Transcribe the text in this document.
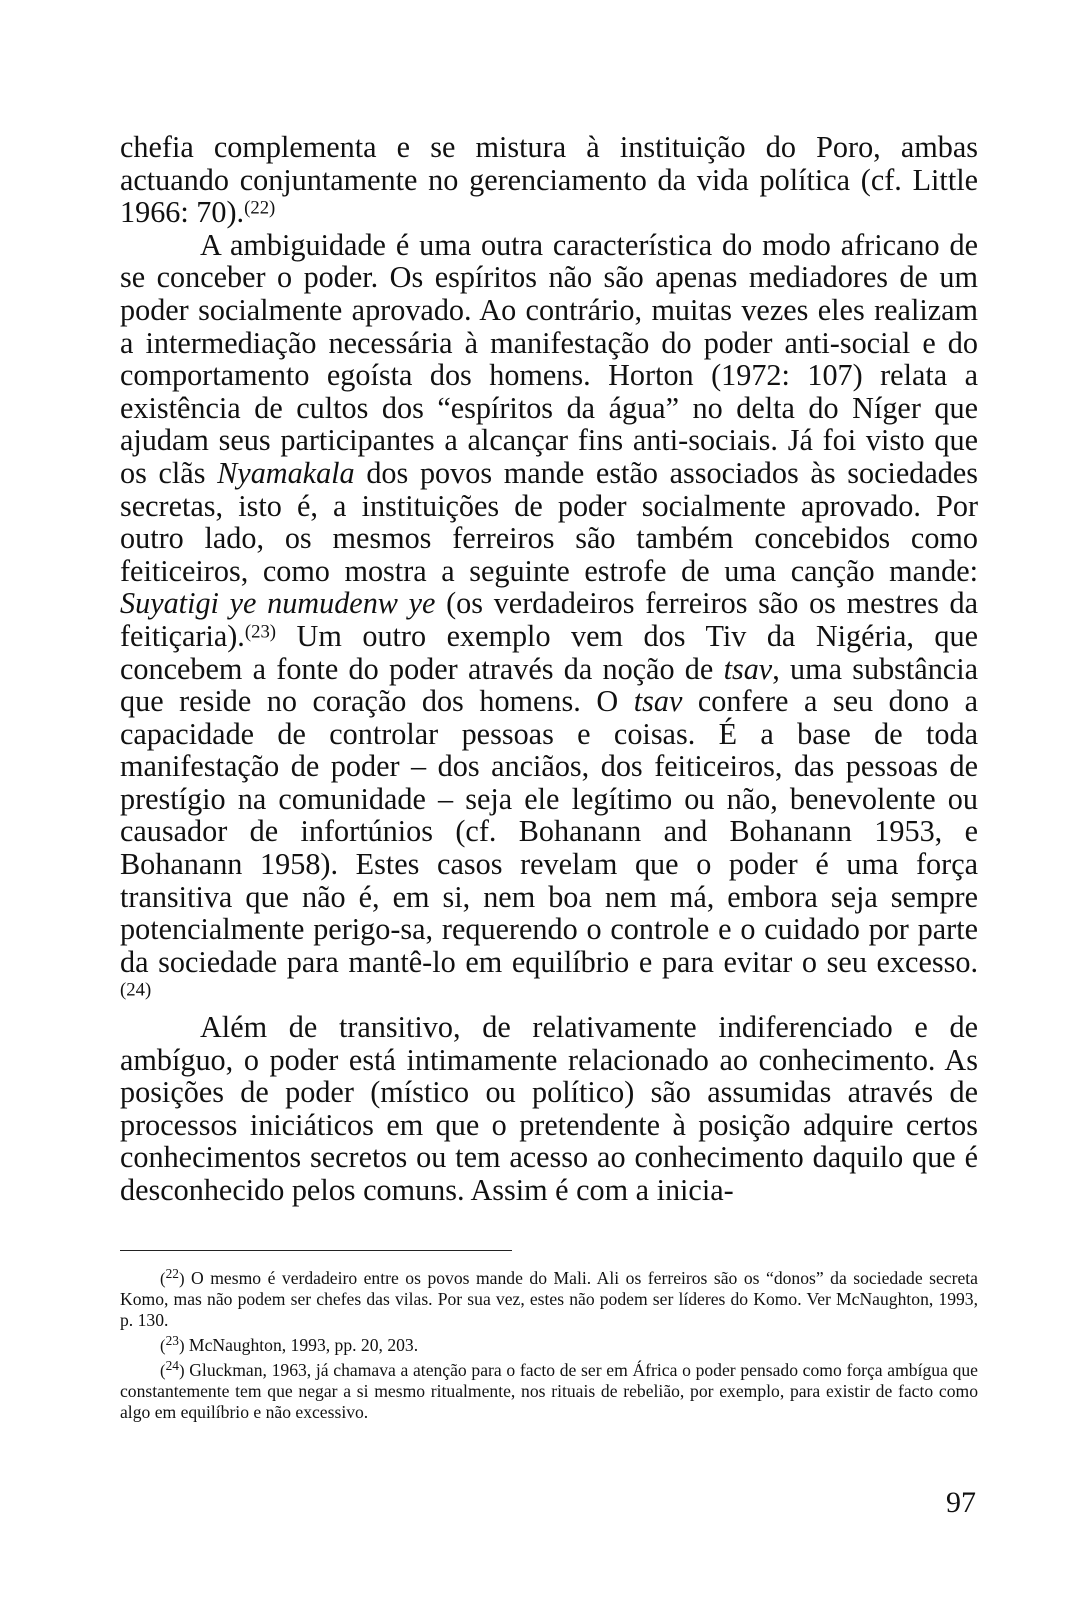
chefia complementa e se mistura à instituição do Poro, ambas actuando conjuntamente no gerenciamento da vida política (cf. Little 1966: 70).$^{(22)}$

A ambiguidade é uma outra característica do modo africano de se conceber o poder. Os espíritos não são apenas mediadores de um poder socialmente aprovado. Ao contrário, muitas vezes eles realizam a intermediação necessária à manifestação do poder anti-social e do comportamento egoísta dos homens. Horton (1972: 107) relata a existência de cultos dos “espíritos da água” no delta do Níger que ajudam seus participantes a alcançar fins anti-sociais. Já foi visto que os clãs Nyamakala dos povos mande estão associados às sociedades secretas, isto é, a instituições de poder socialmente aprovado. Por outro lado, os mesmos ferreiros são também concebidos como feiticeiros, como mostra a seguinte estrofe de uma canção mande: Suyatigi ye numudenw ye (os verdadeiros ferreiros são os mestres da feitiçaria).$^{(23)}$ Um outro exemplo vem dos Tiv da Nigéria, que concebem a fonte do poder através da noção de tsav, uma substância que reside no coração dos homens. O tsav confere a seu dono a capacidade de controlar pessoas e coisas. É a base de toda manifestação de poder – dos anciãos, dos feiticeiros, das pessoas de prestígio na comunidade – seja ele legítimo ou não, benevolente ou causador de infortúnios (cf. Bohanann and Bohanann 1953, e Bohanann 1958). Estes casos revelam que o poder é uma força transitiva que não é, em si, nem boa nem má, embora seja sempre potencialmente perigo-sa, requerendo o controle e o cuidado por parte da sociedade para mantê-lo em equilíbrio e para evitar o seu excesso.$^{(24)}$

Além de transitivo, de relativamente indiferenciado e de ambíguo, o poder está intimamente relacionado ao conhecimento. As posições de poder (místico ou político) são assumidas através de processos iniciáticos em que o pretendente à posição adquire certos conhecimentos secretos ou tem acesso ao conhecimento daquilo que é desconhecido pelos comuns. Assim é com a inicia-

($^{22}$) O mesmo é verdadeiro entre os povos mande do Mali. Ali os ferreiros são os “donos” da sociedade secreta Komo, mas não podem ser chefes das vilas. Por sua vez, estes não podem ser líderes do Komo. Ver McNaughton, 1993, p. 130.

($^{23}$) McNaughton, 1993, pp. 20, 203.

($^{24}$) Gluckman, 1963, já chamava a atenção para o facto de ser em África o poder pensado como força ambígua que constantemente tem que negar a si mesmo ritualmente, nos rituais de rebelião, por exemplo, para existir de facto como algo em equilíbrio e não excessivo.

97
